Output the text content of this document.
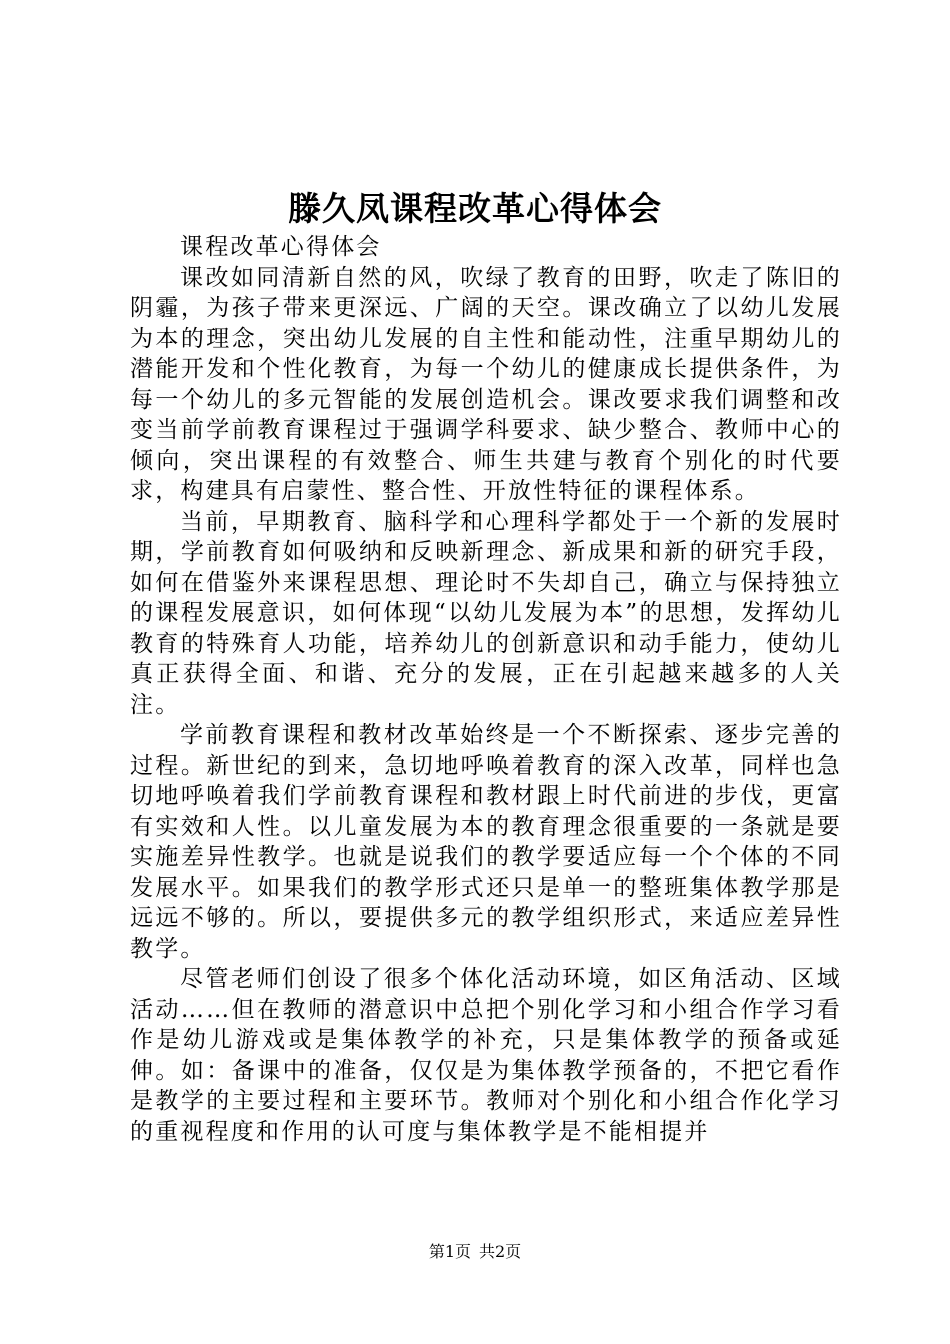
滕久凤课程改革心得体会

课程改革心得体会

课改如同清新自然的风，吹绿了教育的田野，吹走了陈旧的阴霾，为孩子带来更深远、广阔的天空。课改确立了以幼儿发展为本的理念，突出幼儿发展的自主性和能动性，注重早期幼儿的潜能开发和个性化教育，为每一个幼儿的健康成长提供条件，为每一个幼儿的多元智能的发展创造机会。课改要求我们调整和改变当前学前教育课程过于强调学科要求、缺少整合、教师中心的倾向，突出课程的有效整合、师生共建与教育个别化的时代要求，构建具有启蒙性、整合性、开放性特征的课程体系。

当前，早期教育、脑科学和心理科学都处于一个新的发展时期，学前教育如何吸纳和反映新理念、新成果和新的研究手段，如何在借鉴外来课程思想、理论时不失却自己，确立与保持独立的课程发展意识，如何体现“以幼儿发展为本”的思想，发挥幼儿教育的特殊育人功能，培养幼儿的创新意识和动手能力，使幼儿真正获得全面、和谐、充分的发展，正在引起越来越多的人关注。

学前教育课程和教材改革始终是一个不断探索、逐步完善的过程。新世纪的到来，急切地呼唤着教育的深入改革，同样也急切地呼唤着我们学前教育课程和教材跟上时代前进的步伐，更富有实效和人性。以儿童发展为本的教育理念很重要的一条就是要实施差异性教学。也就是说我们的教学要适应每一个个体的不同发展水平。如果我们的教学形式还只是单一的整班集体教学那是远远不够的。所以，要提供多元的教学组织形式，来适应差异性教学。

尽管老师们创设了很多个体化活动环境，如区角活动、区域活动……但在教师的潜意识中总把个别化学习和小组合作学习看作是幼儿游戏或是集体教学的补充，只是集体教学的预备或延伸。如：备课中的准备，仅仅是为集体教学预备的，不把它看作是教学的主要过程和主要环节。教师对个别化和小组合作化学习的重视程度和作用的认可度与集体教学是不能相提并

第1页 共2页
